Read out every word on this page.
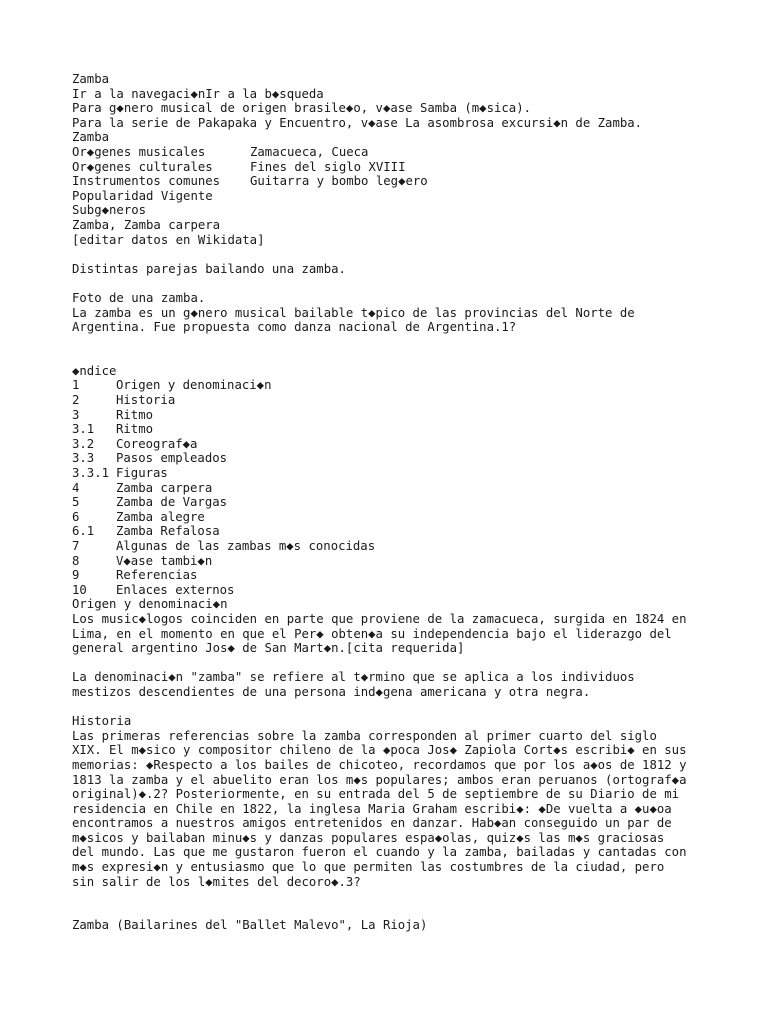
Zamba
Ir a la navegaci◆nIr a la b◆squeda
Para g◆nero musical de origen brasile◆o, v◆ase Samba (m◆sica).
Para la serie de Pakapaka y Encuentro, v◆ase La asombrosa excursi◆n de Zamba.
Zamba
Or◆genes musicales	Zamacueca, Cueca
Or◆genes culturales	Fines del siglo XVIII
Instrumentos comunes	Guitarra y bombo leg◆ero
Popularidad Vigente
Subg◆neros
Zamba, Zamba carpera
[editar datos en Wikidata]
Distintas parejas bailando una zamba.
Foto de una zamba.
La zamba es un g◆nero musical bailable t◆pico de las provincias del Norte de
Argentina. Fue propuesta como danza nacional de Argentina.1?
◆ndice
1	Origen y denominaci◆n
2	Historia
3	Ritmo
3.1	Ritmo
3.2	Coreograf◆a
3.3	Pasos empleados
3.3.1 Figuras
4	Zamba carpera
5	Zamba de Vargas
6	Zamba alegre
6.1	Zamba Refalosa
7	Algunas de las zambas m◆s conocidas
8	V◆ase tambi◆n
9	Referencias
10	Enlaces externos
Origen y denominaci◆n
Los music◆logos coinciden en parte que proviene de la zamacueca, surgida en 1824 en
Lima, en el momento en que el Per◆ obten◆a su independencia bajo el liderazgo del
general argentino Jos◆ de San Mart◆n.[cita requerida]
La denominaci◆n "zamba" se refiere al t◆rmino que se aplica a los individuos
mestizos descendientes de una persona ind◆gena americana y otra negra.
Historia
Las primeras referencias sobre la zamba corresponden al primer cuarto del siglo
XIX. El m◆sico y compositor chileno de la ◆poca Jos◆ Zapiola Cort◆s escribi◆ en sus
memorias: ◆Respecto a los bailes de chicoteo, recordamos que por los a◆os de 1812 y
1813 la zamba y el abuelito eran los m◆s populares; ambos eran peruanos (ortograf◆a
original)◆.2? Posteriormente, en su entrada del 5 de septiembre de su Diario de mi
residencia en Chile en 1822, la inglesa Maria Graham escribi◆: ◆De vuelta a ◆u◆oa
encontramos a nuestros amigos entretenidos en danzar. Hab◆an conseguido un par de
m◆sicos y bailaban minu◆s y danzas populares espa◆olas, quiz◆s las m◆s graciosas
del mundo. Las que me gustaron fueron el cuando y la zamba, bailadas y cantadas con
m◆s expresi◆n y entusiasmo que lo que permiten las costumbres de la ciudad, pero
sin salir de los l◆mites del decoro◆.3?
Zamba (Bailarines del "Ballet Malevo", La Rioja)
